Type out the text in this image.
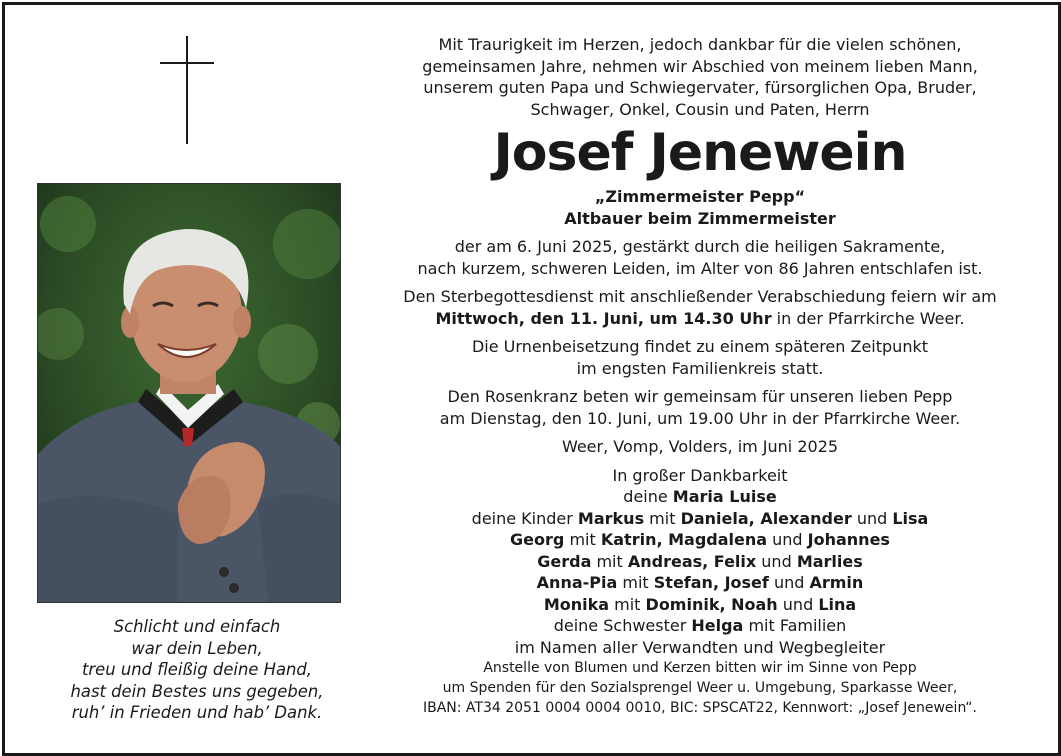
Schlicht und einfach
war dein Leben,
treu und fleißig deine Hand,
hast dein Bestes uns gegeben,
ruh’ in Frieden und hab’ Dank.
Mit Traurigkeit im Herzen, jedoch dankbar für die vielen schönen,
gemeinsamen Jahre, nehmen wir Abschied von meinem lieben Mann,
unserem guten Papa und Schwiegervater, fürsorglichen Opa, Bruder,
Schwager, Onkel, Cousin und Paten, Herrn
Josef Jenewein
„Zimmermeister Pepp“
Altbauer beim Zimmermeister
der am 6. Juni 2025, gestärkt durch die heiligen Sakramente,
nach kurzem, schweren Leiden, im Alter von 86 Jahren entschlafen ist.
Den Sterbegottesdienst mit anschließender Verabschiedung feiern wir am
Mittwoch, den 11. Juni, um 14.30 Uhr in der Pfarrkirche Weer.
Die Urnenbeisetzung findet zu einem späteren Zeitpunkt
im engsten Familienkreis statt.
Den Rosenkranz beten wir gemeinsam für unseren lieben Pepp
am Dienstag, den 10. Juni, um 19.00 Uhr in der Pfarrkirche Weer.
Weer, Vomp, Volders, im Juni 2025
In großer Dankbarkeit
deine Maria Luise
deine Kinder Markus mit Daniela, Alexander und Lisa
Georg mit Katrin, Magdalena und Johannes
Gerda mit Andreas, Felix und Marlies
Anna-Pia mit Stefan, Josef und Armin
Monika mit Dominik, Noah und Lina
deine Schwester Helga mit Familien
im Namen aller Verwandten und Wegbegleiter
Anstelle von Blumen und Kerzen bitten wir im Sinne von Pepp
um Spenden für den Sozialsprengel Weer u. Umgebung, Sparkasse Weer,
IBAN: AT34 2051 0004 0004 0010, BIC: SPSCAT22, Kennwort: „Josef Jenewein“.
